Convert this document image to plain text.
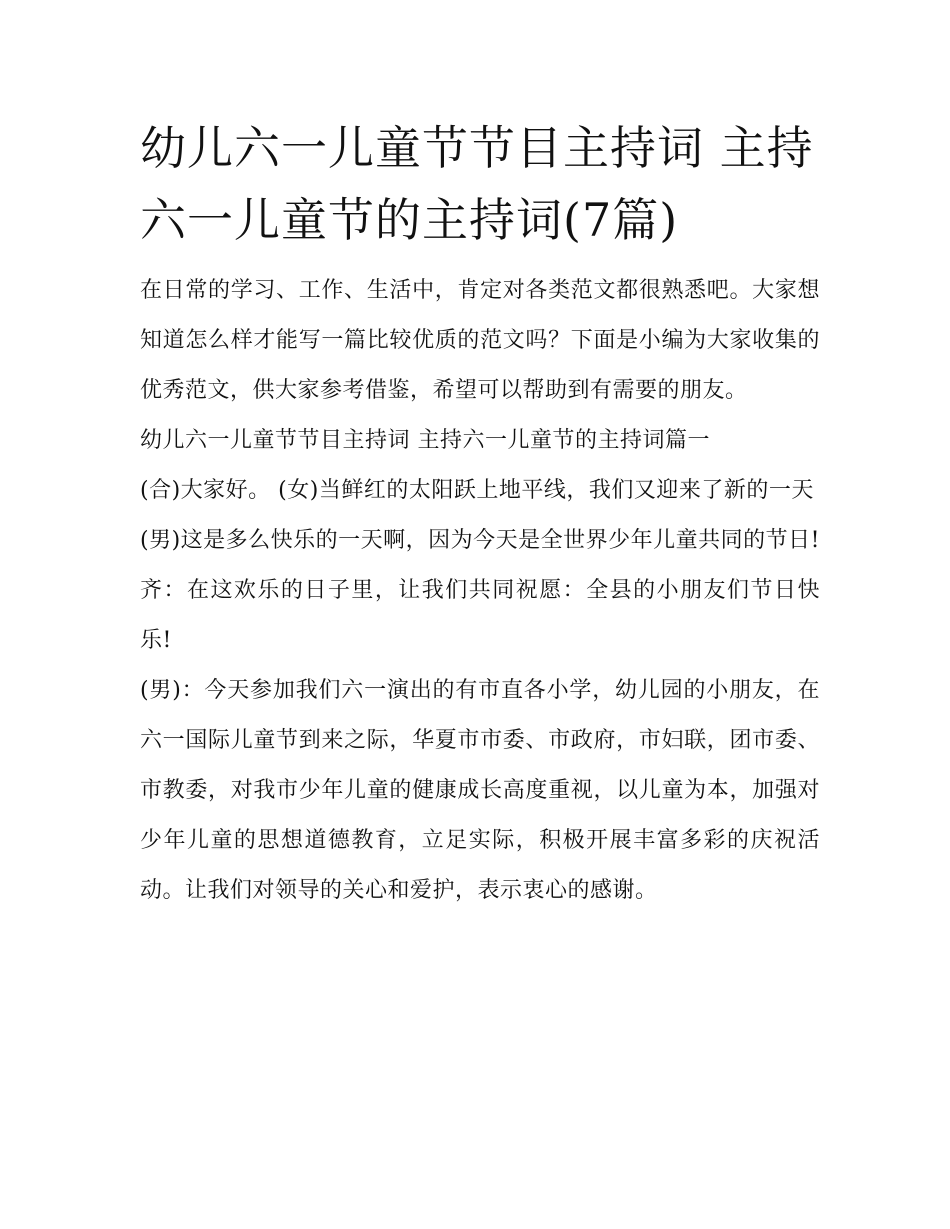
幼儿六一儿童节节目主持词 主持六一儿童节的主持词(7篇)

在日常的学习、工作、生活中，肯定对各类范文都很熟悉吧。大家想知道怎么样才能写一篇比较优质的范文吗？下面是小编为大家收集的优秀范文，供大家参考借鉴，希望可以帮助到有需要的朋友。

幼儿六一儿童节节目主持词 主持六一儿童节的主持词篇一

(合)大家好。 (女)当鲜红的太阳跃上地平线，我们又迎来了新的一天

(男)这是多么快乐的一天啊，因为今天是全世界少年儿童共同的节日! 齐：在这欢乐的日子里，让我们共同祝愿：全县的小朋友们节日快乐!

(男)：今天参加我们六一演出的有市直各小学，幼儿园的小朋友，在六一国际儿童节到来之际，华夏市市委、市政府，市妇联，团市委、市教委，对我市少年儿童的健康成长高度重视，以儿童为本，加强对少年儿童的思想道德教育，立足实际，积极开展丰富多彩的庆祝活动。让我们对领导的关心和爱护，表示衷心的感谢。
